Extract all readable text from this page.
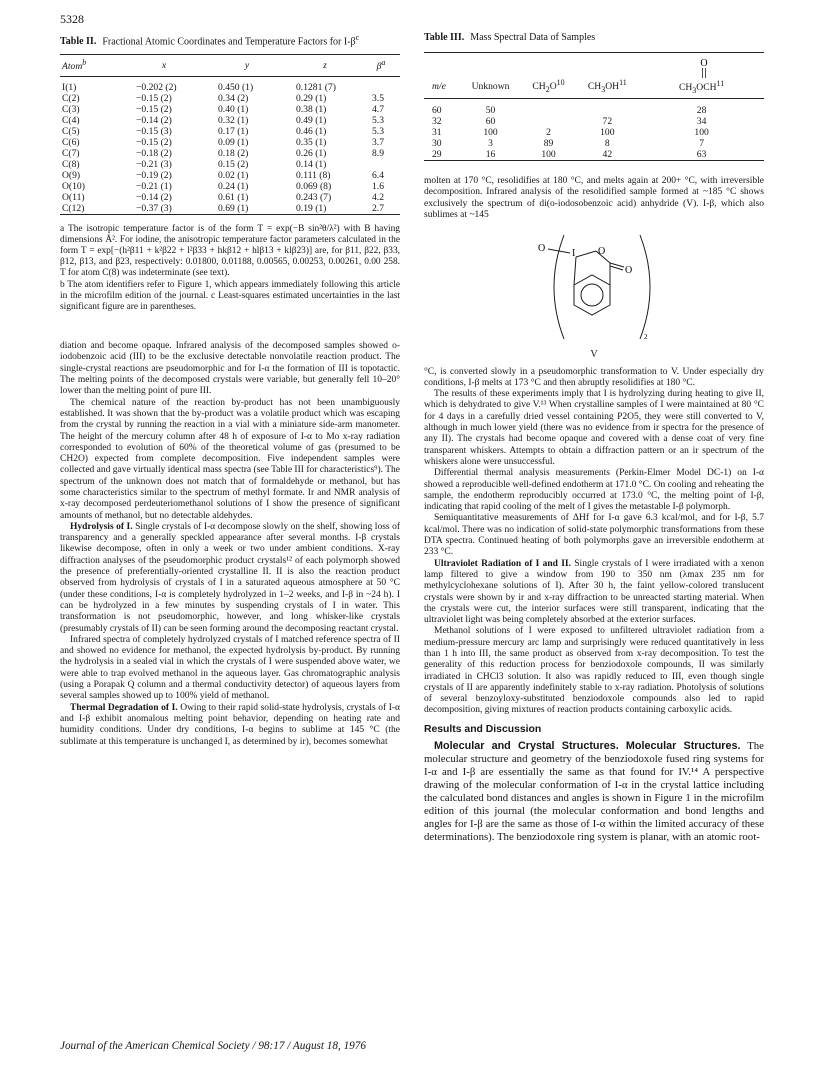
5328
Table II. Fractional Atomic Coordinates and Temperature Factors for $I-\beta^c$
Atom$^b$	x	y	z	$\beta^a$

I(1)	−0.202 (2)	0.450 (1)	0.1281 (7)	
C(2)	−0.15 (2)	0.34 (2)	0.29 (1)	3.5
C(3)	−0.15 (2)	0.40 (1)	0.38 (1)	4.7
C(4)	−0.14 (2)	0.32 (1)	0.49 (1)	5.3
C(5)	−0.15 (3)	0.17 (1)	0.46 (1)	5.3
C(6)	−0.15 (2)	0.09 (1)	0.35 (1)	3.7
C(7)	−0.18 (2)	0.18 (2)	0.26 (1)	8.9
C(8)	−0.21 (3)	0.15 (2)	0.14 (1)	
O(9)	−0.19 (2)	0.02 (1)	0.111 (8)	6.4
O(10)	−0.21 (1)	0.24 (1)	0.069 (8)	1.6
O(11)	−0.14 (2)	0.61 (1)	0.243 (7)	4.2
C(12)	−0.37 (3)	0.69 (1)	0.19 (1)	2.7

a The isotropic temperature factor is of the form T = exp(−B sin²θ/λ²) with B having dimensions Å². For iodine, the anisotropic temperature factor parameters calculated in the form T = exp[−(h²β11 + k²β22 + l²β33 + hkβ12 + hlβ13 + klβ23)] are, for β11, β22, β33, β12, β13, and β23, respectively: 0.01800, 0.01188, 0.00565, 0.00253, 0.00261, 0.00 258. T for atom C(8) was indeterminate (see text).
b The atom identifiers refer to Figure 1, which appears immediately following this article in the microfilm edition of the journal. c Least-squares estimated uncertainties in the last significant figure are in parentheses.

diation and become opaque. Infrared analysis of the decomposed samples showed o-iodobenzoic acid (III) to be the exclusive detectable nonvolatile reaction product. The single-crystal reactions are pseudomorphic and for I-α the formation of III is topotactic. The melting points of the decomposed crystals were variable, but generally fell 10–20° lower than the melting point of pure III.

The chemical nature of the reaction by-product has not been unambiguously established. It was shown that the by-product was a volatile product which was escaping from the crystal by running the reaction in a vial with a miniature side-arm manometer. The height of the mercury column after 48 h of exposure of I-α to Mo x-ray radiation corresponded to evolution of 60% of the theoretical volume of gas (presumed to be CH2O) expected from complete decomposition. Five independent samples were collected and gave virtually identical mass spectra (see Table III for characteristics⁹). The spectrum of the unknown does not match that of formaldehyde or methanol, but has some characteristics similar to the spectrum of methyl formate. Ir and NMR analysis of x-ray decomposed perdeuteriomethanol solutions of I show the presence of significant amounts of methanol, but no detectable aldehydes.

Hydrolysis of I. Single crystals of I-α decompose slowly on the shelf, showing loss of transparency and a generally speckled appearance after several months. I-β crystals likewise decompose, often in only a week or two under ambient conditions. X-ray diffraction analyses of the pseudomorphic product crystals¹² of each polymorph showed the presence of preferentially-oriented crystalline II. II is also the reaction product observed from hydrolysis of crystals of I in a saturated aqueous atmosphere at 50 °C (under these conditions, I-α is completely hydrolyzed in 1–2 weeks, and I-β in ~24 h). I can be hydrolyzed in a few minutes by suspending crystals of I in water. This transformation is not pseudomorphic, however, and long whisker-like crystals (presumably crystals of II) can be seen forming around the decomposing reactant crystal.

Infrared spectra of completely hydrolyzed crystals of I matched reference spectra of II and showed no evidence for methanol, the expected hydrolysis by-product. By running the hydrolysis in a sealed vial in which the crystals of I were suspended above water, we were able to trap evolved methanol in the aqueous layer. Gas chromatographic analysis (using a Porapak Q column and a thermal conductivity detector) of aqueous layers from several samples showed up to 100% yield of methanol.

Thermal Degradation of I. Owing to their rapid solid-state hydrolysis, crystals of I-α and I-β exhibit anomalous melting point behavior, depending on heating rate and humidity conditions. Under dry conditions, I-α begins to sublime at 145 °C (the sublimate at this temperature is unchanged I, as determined by ir), becomes somewhat

Table III. Mass Spectral Data of Samples
m/e	Unknown	$CH_2O^{10}$	$CH_3OH^{11}$	O
$CH_3OCH^{11}$

60	50			28
32	60		72	34
31	100	2	100	100
30	3	89	8	7
29	16	100	42	63

molten at 170 °C, resolidifies at 180 °C, and melts again at 200+ °C, with irreversible decomposition. Infrared analysis of the resolidified sample formed at ~185 °C shows exclusively the spectrum of di(o-iodosobenzoic acid) anhydride (V). I-β, which also sublimes at ~145

O	I O
O
2
V

°C, is converted slowly in a pseudomorphic transformation to V. Under especially dry conditions, I-β melts at 173 °C and then abruptly resolidifies at 180 °C.

The results of these experiments imply that I is hydrolyzing during heating to give II, which is dehydrated to give V.¹³ When crystalline samples of I were maintained at 80 °C for 4 days in a carefully dried vessel containing P2O5, they were still converted to V, although in much lower yield (there was no evidence from ir spectra for the presence of any II). The crystals had become opaque and covered with a dense coat of very fine transparent whiskers. Attempts to obtain a diffraction pattern or an ir spectrum of the whiskers alone were unsuccessful.

Differential thermal analysis measurements (Perkin-Elmer Model DC-1) on I-α showed a reproducible well-defined endotherm at 171.0 °C. On cooling and reheating the sample, the endotherm reproducibly occurred at 173.0 °C, the melting point of I-β, indicating that rapid cooling of the melt of I gives the metastable I-β polymorph.

Semiquantitative measurements of ΔHf for I-α gave 6.3 kcal/mol, and for I-β, 5.7 kcal/mol. There was no indication of solid-state polymorphic transformations from these DTA spectra. Continued heating of both polymorphs gave an irreversible endotherm at 233 °C.

Ultraviolet Radiation of I and II. Single crystals of I were irradiated with a xenon lamp filtered to give a window from 190 to 350 nm (λmax 235 nm for methylcyclohexane solutions of I). After 30 h, the faint yellow-colored translucent crystals were shown by ir and x-ray diffraction to be unreacted starting material. When the crystals were cut, the interior surfaces were still transparent, indicating that the ultraviolet light was being completely absorbed at the exterior surfaces.

Methanol solutions of I were exposed to unfiltered ultraviolet radiation from a medium-pressure mercury arc lamp and surprisingly were reduced quantitatively in less than 1 h into III, the same product as observed from x-ray decomposition. To test the generality of this reduction process for benziodoxole compounds, II was similarly irradiated in CHCl3 solution. It also was rapidly reduced to III, even though single crystals of II are apparently indefinitely stable to x-ray radiation. Photolysis of solutions of several benzoyloxy-substituted benziodoxole compounds also led to rapid decomposition, giving mixtures of reaction products containing carboxylic acids.

Results and Discussion

Molecular and Crystal Structures. Molecular Structures. The molecular structure and geometry of the benziodoxole fused ring systems for I-α and I-β are essentially the same as that found for IV.¹⁴ A perspective drawing of the molecular conformation of I-α in the crystal lattice including the calculated bond distances and angles is shown in Figure 1 in the microfilm edition of this journal (the molecular conformation and bond lengths and angles for I-β are the same as those of I-α within the limited accuracy of these determinations). The benziodoxole ring system is planar, with an atomic root-

Journal of the American Chemical Society / 98:17 / August 18, 1976
